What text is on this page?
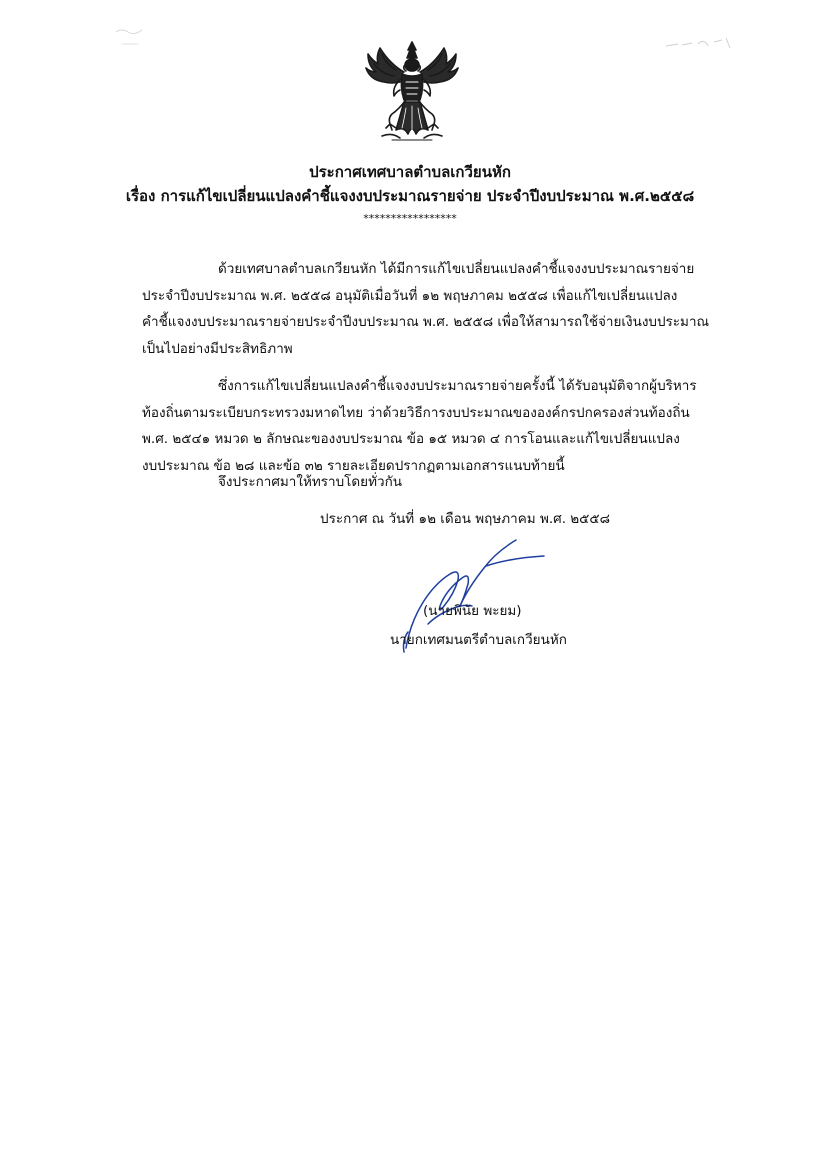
ประกาศเทศบาลตำบลเกวียนหัก
เรื่อง การแก้ไขเปลี่ยนแปลงคำชี้แจงงบประมาณรายจ่าย ประจำปีงบประมาณ พ.ศ.๒๕๕๘
*****************

ด้วยเทศบาลตำบลเกวียนหัก ได้มีการแก้ไขเปลี่ยนแปลงคำชี้แจงงบประมาณรายจ่าย
ประจำปีงบประมาณ พ.ศ. ๒๕๕๘ อนุมัติเมื่อวันที่ ๑๒ พฤษภาคม ๒๕๕๘ เพื่อแก้ไขเปลี่ยนแปลง
คำชี้แจงงบประมาณรายจ่ายประจำปีงบประมาณ พ.ศ. ๒๕๕๘ เพื่อให้สามารถใช้จ่ายเงินงบประมาณ
เป็นไปอย่างมีประสิทธิภาพ

ซึ่งการแก้ไขเปลี่ยนแปลงคำชี้แจงงบประมาณรายจ่ายครั้งนี้ ได้รับอนุมัติจากผู้บริหาร
ท้องถิ่นตามระเบียบกระทรวงมหาดไทย ว่าด้วยวิธีการงบประมาณขององค์กรปกครองส่วนท้องถิ่น
พ.ศ. ๒๕๔๑ หมวด ๒ ลักษณะของงบประมาณ ข้อ ๑๕ หมวด ๔ การโอนและแก้ไขเปลี่ยนแปลง
งบประมาณ ข้อ ๒๘ และข้อ ๓๒ รายละเอียดปรากฏตามเอกสารแนบท้ายนี้

จึงประกาศมาให้ทราบโดยทั่วกัน
ประกาศ ณ วันที่ ๑๒ เดือน พฤษภาคม พ.ศ. ๒๕๕๘
(นายพินัย พะยม)
นายกเทศมนตรีตำบลเกวียนหัก
